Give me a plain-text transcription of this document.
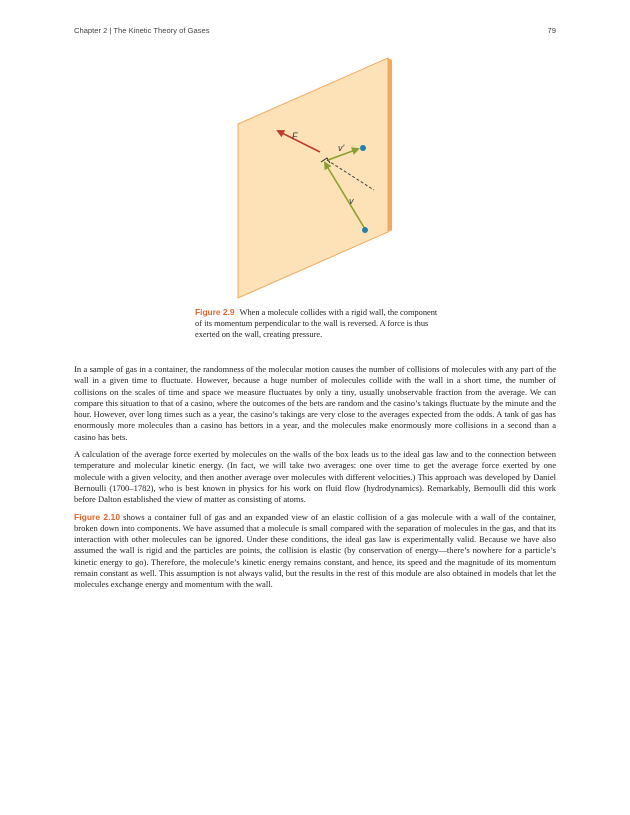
Chapter 2 | The Kinetic Theory of Gases	79
F
v
v'
Figure 2.9 When a molecule collides with a rigid wall, the component of its momentum perpendicular to the wall is reversed. A force is thus exerted on the wall, creating pressure.

In a sample of gas in a container, the randomness of the molecular motion causes the number of collisions of molecules with any part of the wall in a given time to fluctuate. However, because a huge number of molecules collide with the wall in a short time, the number of collisions on the scales of time and space we measure fluctuates by only a tiny, usually unobservable fraction from the average. We can compare this situation to that of a casino, where the outcomes of the bets are random and the casino’s takings fluctuate by the minute and the hour. However, over long times such as a year, the casino’s takings are very close to the averages expected from the odds. A tank of gas has enormously more molecules than a casino has bettors in a year, and the molecules make enormously more collisions in a second than a casino has bets.

A calculation of the average force exerted by molecules on the walls of the box leads us to the ideal gas law and to the connection between temperature and molecular kinetic energy. (In fact, we will take two averages: one over time to get the average force exerted by one molecule with a given velocity, and then another average over molecules with different velocities.) This approach was developed by Daniel Bernoulli (1700–1782), who is best known in physics for his work on fluid flow (hydrodynamics). Remarkably, Bernoulli did this work before Dalton established the view of matter as consisting of atoms.

Figure 2.10 shows a container full of gas and an expanded view of an elastic collision of a gas molecule with a wall of the container, broken down into components. We have assumed that a molecule is small compared with the separation of molecules in the gas, and that its interaction with other molecules can be ignored. Under these conditions, the ideal gas law is experimentally valid. Because we have also assumed the wall is rigid and the particles are points, the collision is elastic (by conservation of energy—there’s nowhere for a particle’s kinetic energy to go). Therefore, the molecule’s kinetic energy remains constant, and hence, its speed and the magnitude of its momentum remain constant as well. This assumption is not always valid, but the results in the rest of this module are also obtained in models that let the molecules exchange energy and momentum with the wall.
